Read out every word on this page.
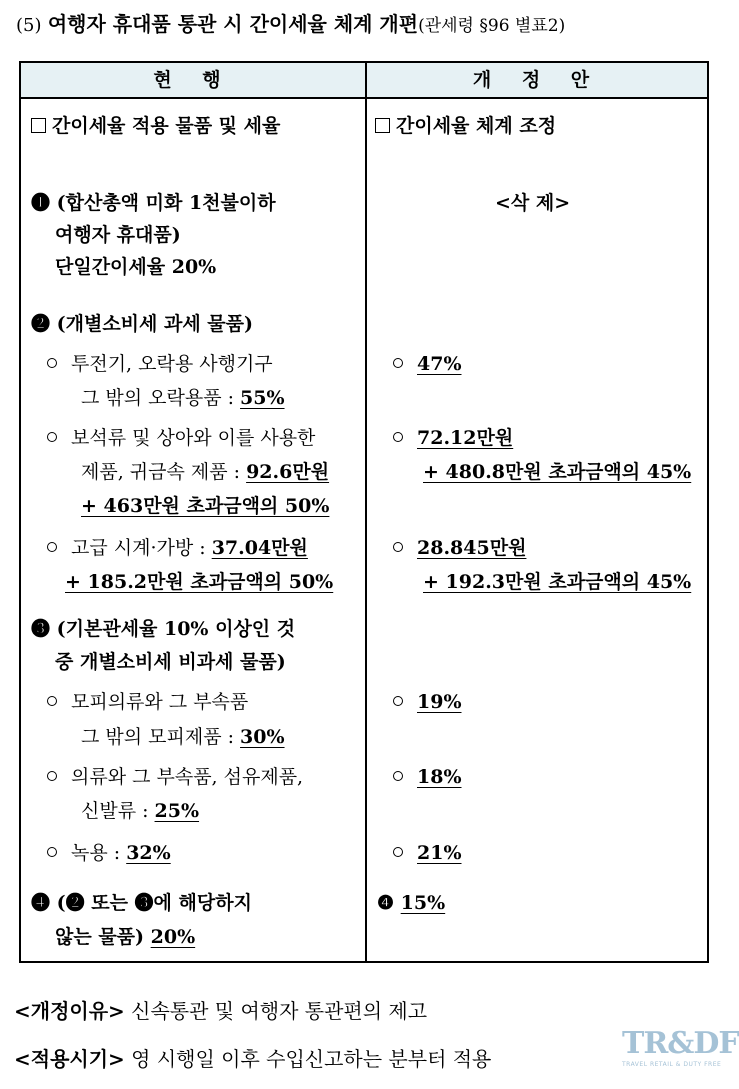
(5) 여행자 휴대품 통관 시 간이세율 체계 개편(관세령 §96 별표2)
현 행	개 정 안
간이세율 적용 물품 및 세율
❶ (합산총액 미화 1천불이하
여행자 휴대품)
단일간이세율 20%
❷ (개별소비세 과세 물품)
투전기, 오락용 사행기구
그 밖의 오락용품 : 55%
보석류 및 상아와 이를 사용한
제품, 귀금속 제품 : 92.6만원
+ 463만원 초과금액의 50%
고급 시계·가방 : 37.04만원
+ 185.2만원 초과금액의 50%
❸ (기본관세율 10% 이상인 것
중 개별소비세 비과세 물품)
모피의류와 그 부속품
그 밖의 모피제품 : 30%
의류와 그 부속품, 섬유제품,
신발류 : 25%
녹용 : 32%
❹ (❷ 또는 ❸에 해당하지
않는 물품) 20%
간이세율 체계 조정
<삭 제>
47%
72.12만원
+ 480.8만원 초과금액의 45%
28.845만원
+ 192.3만원 초과금액의 45%
19%
18%
21%
❹ 15%
<개정이유> 신속통관 및 여행자 통관편의 제고
<적용시기> 영 시행일 이후 수입신고하는 분부터 적용	TR&DF
TRAVEL RETAIL & DUTY FREE
